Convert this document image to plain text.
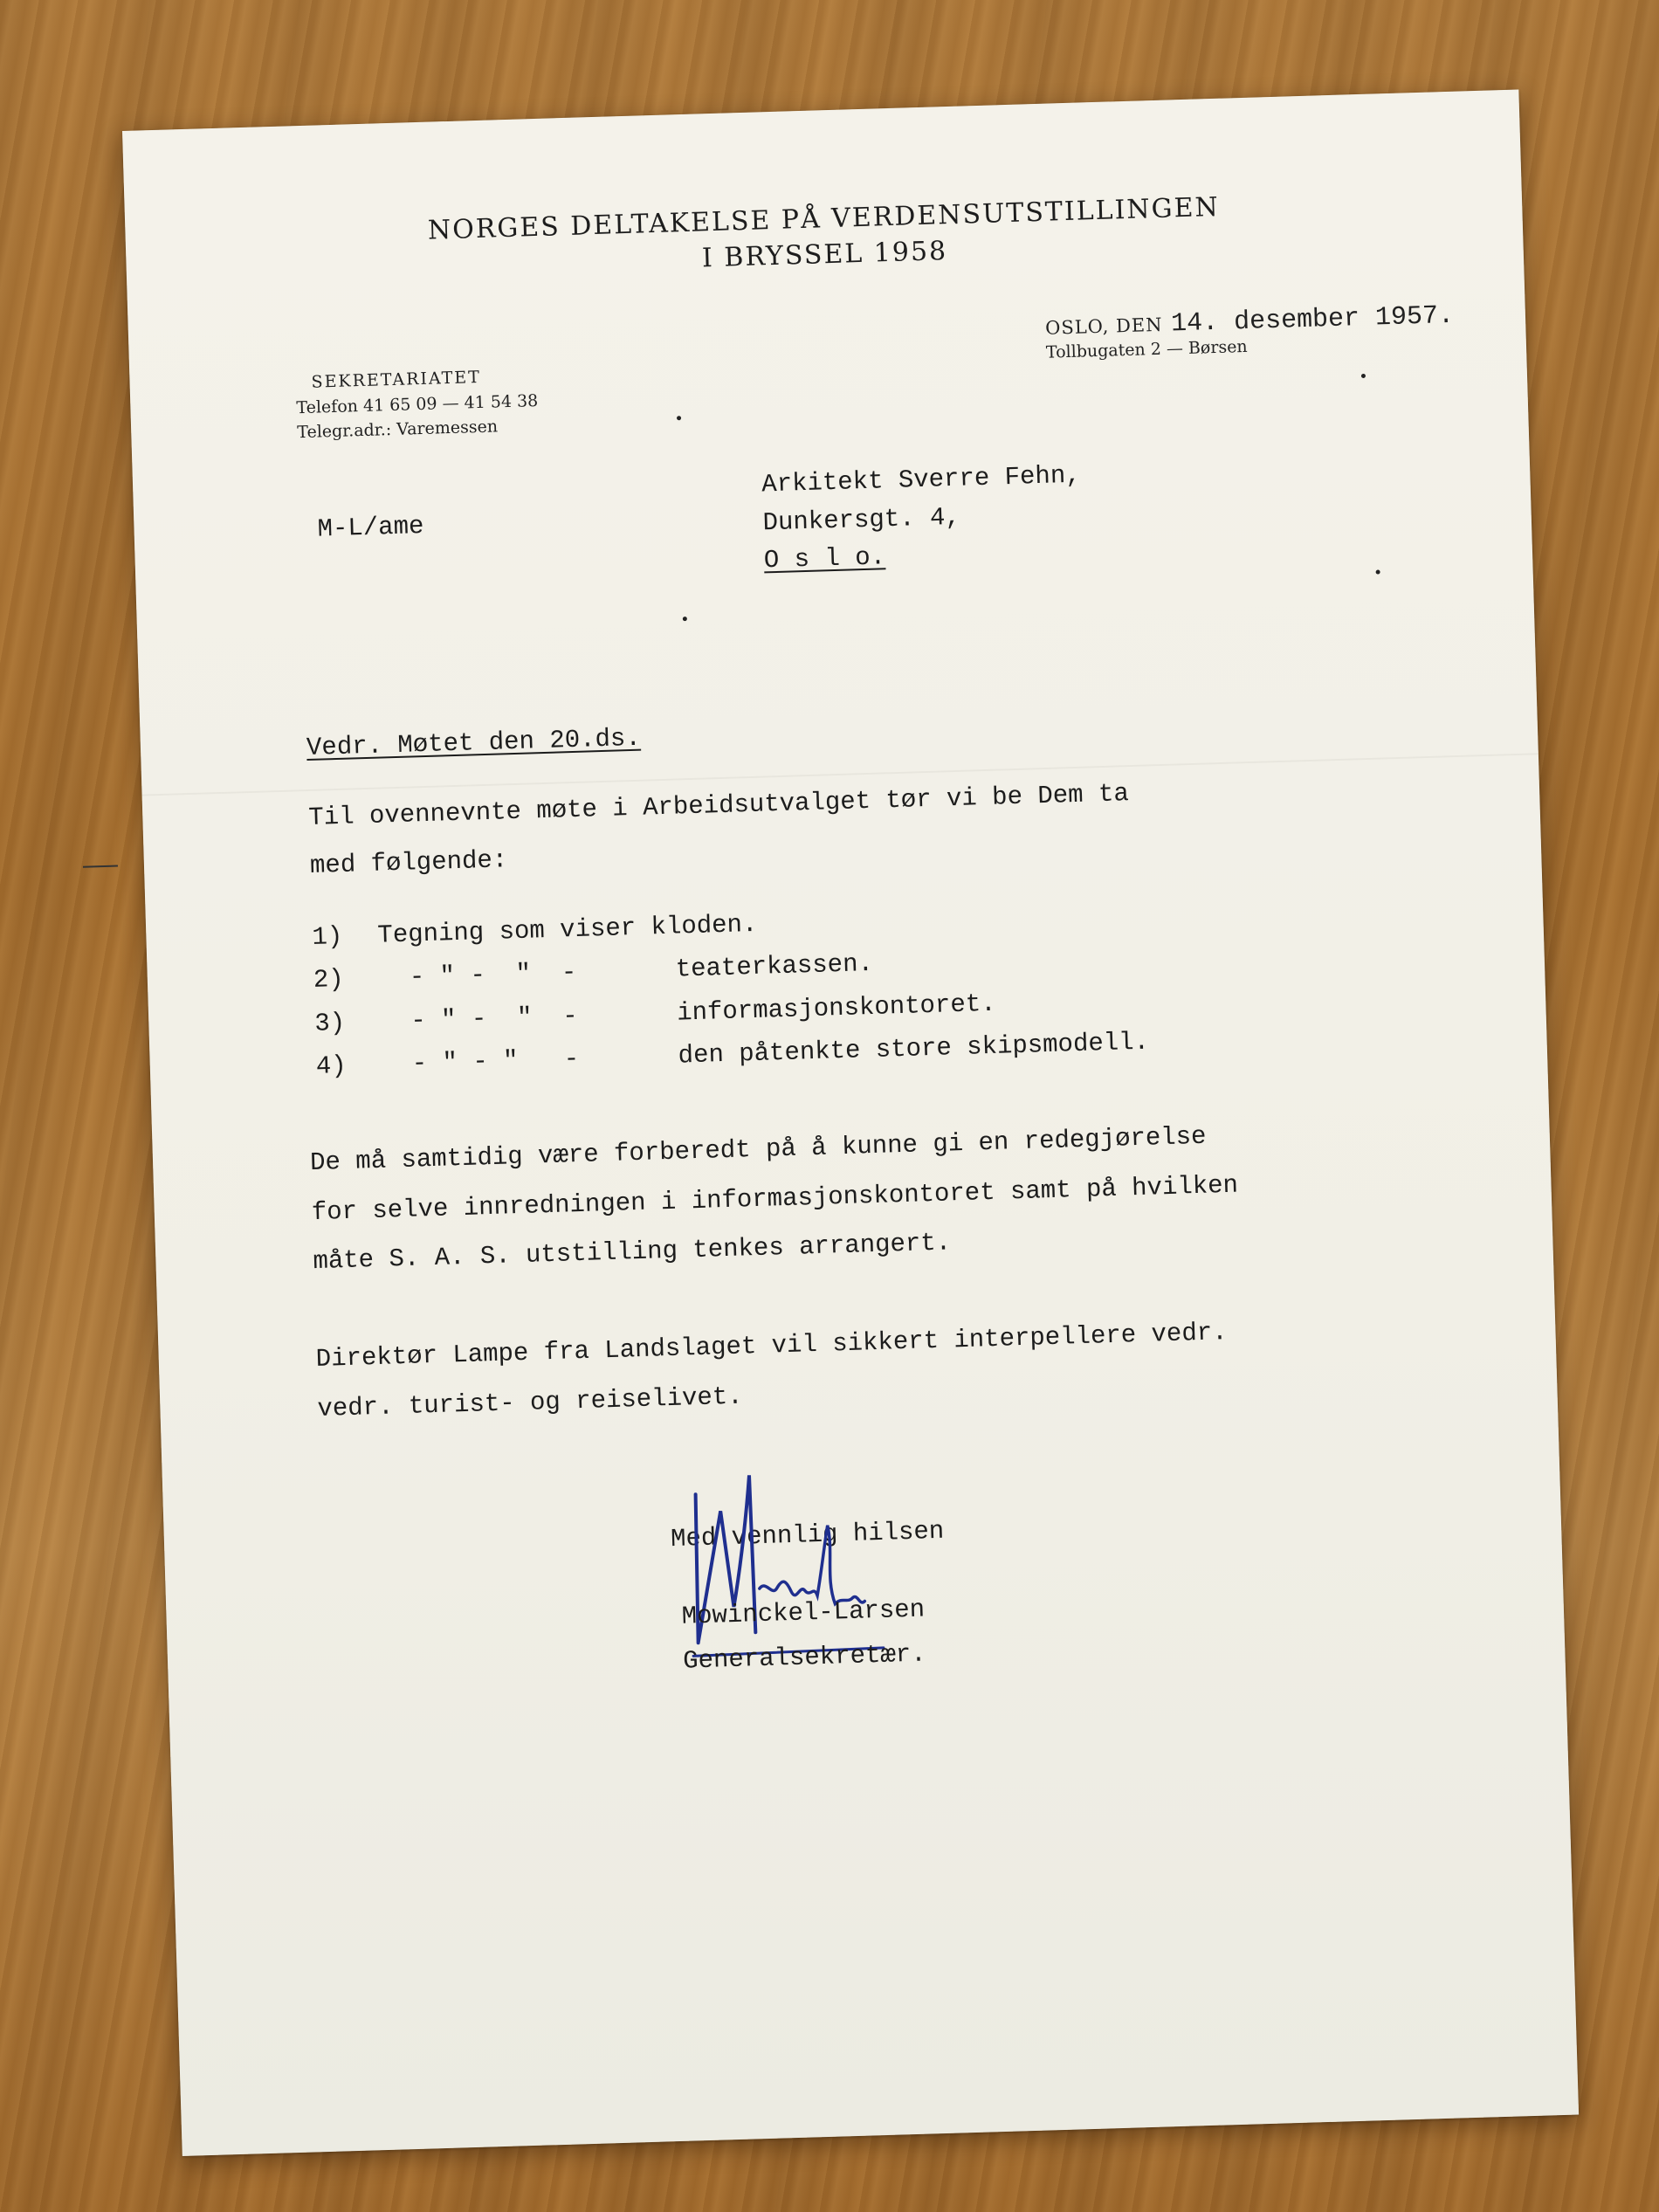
NORGES DELTAKELSE PÅ VERDENSUTSTILLINGEN
I BRYSSEL 1958
SEKRETARIATET
Telefon 41 65 09 — 41 54 38
Telegr.adr.: Varemessen
OSLO, DEN 14. desember 1957.
Tollbugaten 2 — Børsen
M-L/ame
Arkitekt Sverre Fehn,
Dunkersgt. 4,
O s l o.
Vedr. Møtet den 20.ds.
Til ovennevnte møte i Arbeidsutvalget tør vi be Dem ta
med følgende:
1)	Tegning som viser kloden.
2)	- " -  "  -	teaterkassen.
3)	- " -  "  -	informasjonskontoret.
4)	- " - "   -	den påtenkte store skipsmodell.
De må samtidig være forberedt på å kunne gi en redegjørelse
for selve innredningen i informasjonskontoret samt på hvilken
måte S. A. S. utstilling tenkes arrangert.
Direktør Lampe fra Landslaget vil sikkert interpellere vedr.
vedr. turist- og reiselivet.
Med vennlig hilsen
Mowinckel-Larsen
Generalsekretær.
